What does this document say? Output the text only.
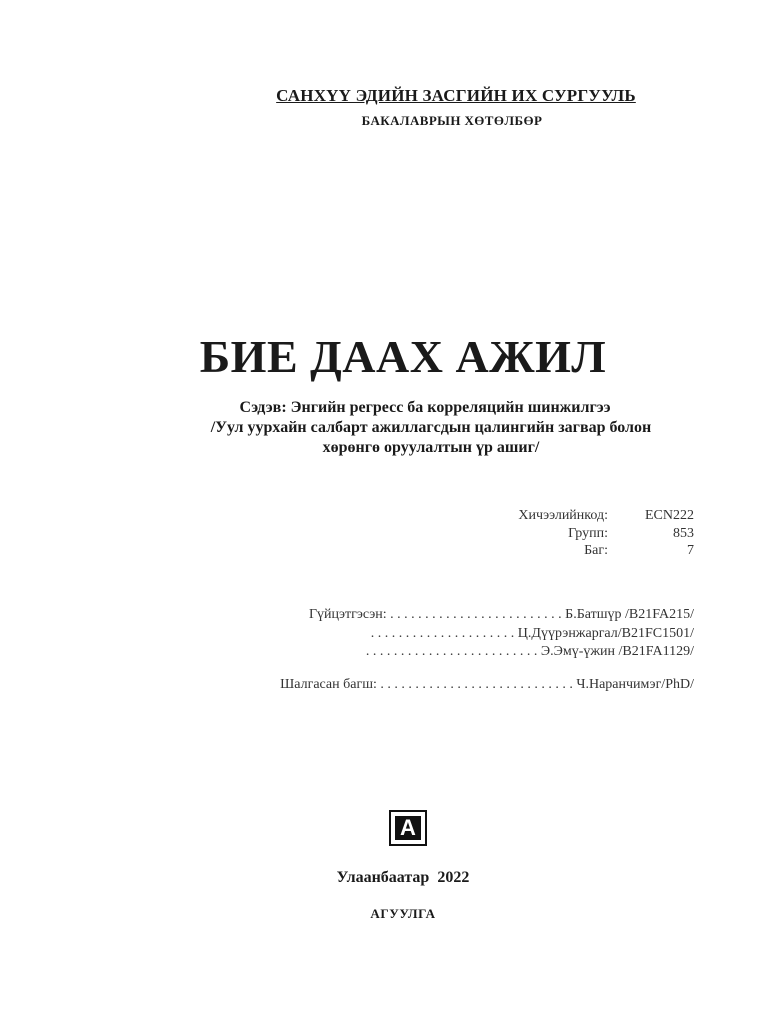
САНХҮҮ ЭДИЙН ЗАСГИЙН ИХ СУРГУУЛЬ
БАКАЛАВРЫН ХӨТӨЛБӨР
БИЕ ДААХ АЖИЛ
Сэдэв: Энгийн регресс ба корреляцийн шинжилгээ
/Уул уурхайн салбарт ажиллагсдын цалингийн загвар болон
хөрөнгө оруулалтын үр ашиг/
Хичээлийнкод:	ECN222
Групп:	853
Баг:	7
Гүйцэтгэсэн: . . . . . . . . . . . . . . . . . . . . . . . . . Б.Батшүр /B21FA215/
. . . . . . . . . . . . . . . . . . . . . Ц.Дүүрэнжаргал/B21FC1501/
. . . . . . . . . . . . . . . . . . . . . . . . . Э.Эмү-үжин /B21FA1129/
Шалгасан багш: . . . . . . . . . . . . . . . . . . . . . . . . . . . . Ч.Наранчимэг/PhD/
A
Улаанбаатар  2022
АГУУЛГА
